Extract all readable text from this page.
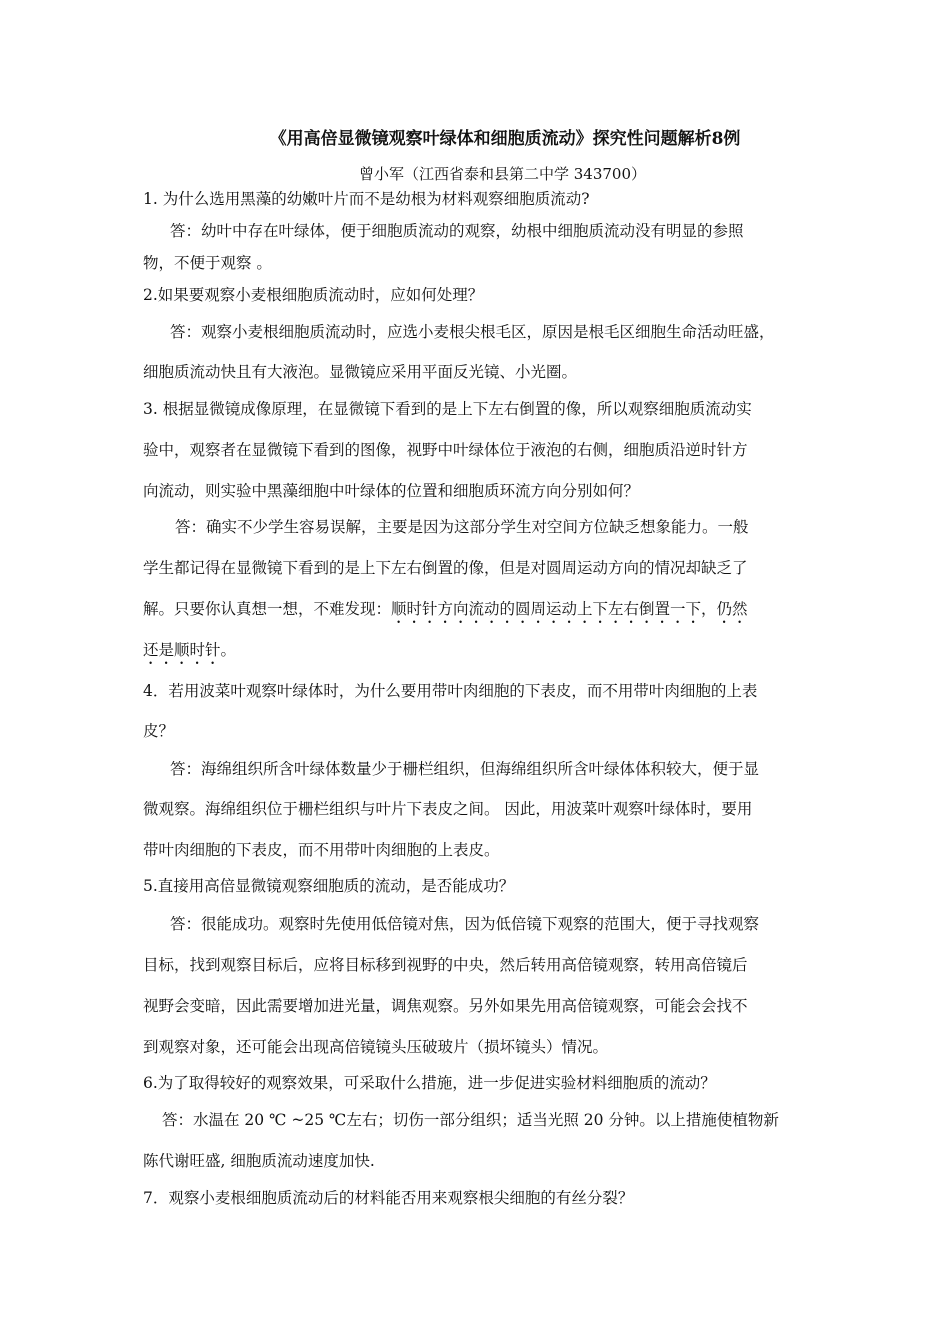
《用高倍显微镜观察叶绿体和细胞质流动》探究性问题解析8例
曾小军（江西省泰和县第二中学 343700）
1. 为什么选用黑藻的幼嫩叶片而不是幼根为材料观察细胞质流动?
答：幼叶中存在叶绿体，便于细胞质流动的观察，幼根中细胞质流动没有明显的参照
物，不便于观察 。
2.如果要观察小麦根细胞质流动时，应如何处理？
答：观察小麦根细胞质流动时，应选小麦根尖根毛区，原因是根毛区细胞生命活动旺盛，
细胞质流动快且有大液泡。显微镜应采用平面反光镜、小光圈。
3. 根据显微镜成像原理，在显微镜下看到的是上下左右倒置的像，所以观察细胞质流动实
验中，观察者在显微镜下看到的图像，视野中叶绿体位于液泡的右侧，细胞质沿逆时针方
向流动，则实验中黑藻细胞中叶绿体的位置和细胞质环流方向分别如何？
答：确实不少学生容易误解，主要是因为这部分学生对空间方位缺乏想象能力。一般
学生都记得在显微镜下看到的是上下左右倒置的像，但是对圆周运动方向的情况却缺乏了
解。只要你认真想一想，不难发现：顺时针方向流动的圆周运动上下左右倒置一下，仍然
还是顺时针。
4．若用波菜叶观察叶绿体时，为什么要用带叶肉细胞的下表皮，而不用带叶肉细胞的上表
皮？
答：海绵组织所含叶绿体数量少于栅栏组织，但海绵组织所含叶绿体体积较大，便于显
微观察。海绵组织位于栅栏组织与叶片下表皮之间。 因此，用波菜叶观察叶绿体时，要用
带叶肉细胞的下表皮，而不用带叶肉细胞的上表皮。
5.直接用高倍显微镜观察细胞质的流动，是否能成功？
答：很能成功。观察时先使用低倍镜对焦，因为低倍镜下观察的范围大，便于寻找观察
目标，找到观察目标后，应将目标移到视野的中央，然后转用高倍镜观察，转用高倍镜后
视野会变暗，因此需要增加进光量，调焦观察。另外如果先用高倍镜观察，可能会会找不
到观察对象，还可能会出现高倍镜镜头压破玻片（损坏镜头）情况。
6.为了取得较好的观察效果，可采取什么措施，进一步促进实验材料细胞质的流动？
答：水温在 20 ℃ ~25 ℃左右；切伤一部分组织；适当光照 20 分钟。以上措施使植物新
陈代谢旺盛, 细胞质流动速度加快.
7．观察小麦根细胞质流动后的材料能否用来观察根尖细胞的有丝分裂？
